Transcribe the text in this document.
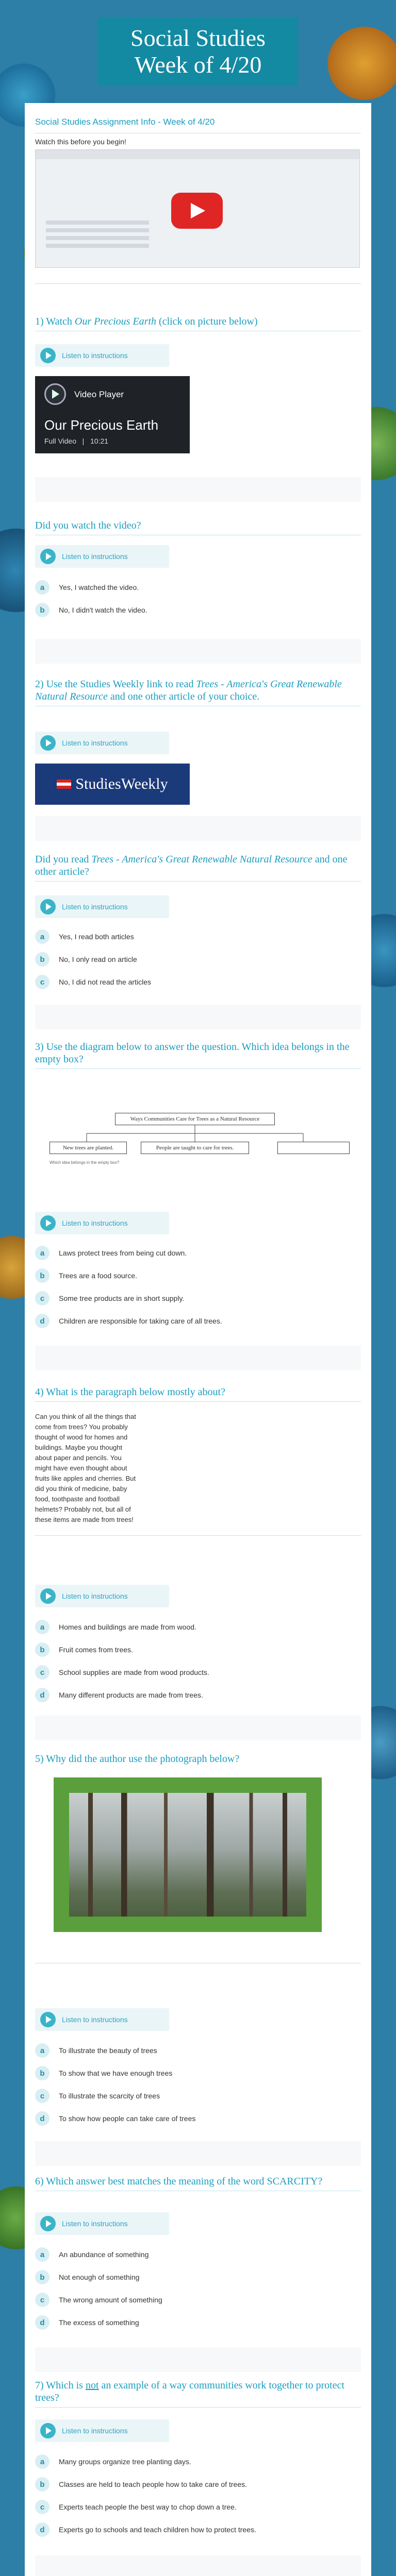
Social Studies Week of 4/20
Social Studies Assignment Info - Week of 4/20
Watch this before you begin!
1) Watch Our Precious Earth (click on picture below)
Listen to instructions
Video Player
Our Precious Earth
Full Video   |   10:21
Did you watch the video?
Listen to instructions
a	Yes, I watched the video.
b	No, I didn't watch the video.
2) Use the Studies Weekly link to read Trees - America's Great Renewable Natural Resource and one other article of your choice.
Listen to instructions
StudiesWeekly
Did you read Trees - America's Great Renewable Natural Resource and one other article?
Listen to instructions
a	Yes, I read both articles
b	No, I only read on article
c	No, I did not read the articles
3) Use the diagram below to answer the question. Which idea belongs in the empty box?
Ways Communities Care for Trees as a Natural Resource
New trees are planted.	People are taught to care for trees.
Which idea belongs in the empty box?
Listen to instructions
a	Laws protect trees from being cut down.
b	Trees are a food source.
c	Some tree products are in short supply.
d	Children are responsible for taking care of all trees.
4) What is the paragraph below mostly about?
Can you think of all the things that come from trees? You probably thought of wood for homes and buildings. Maybe you thought about paper and pencils. You might have even thought about fruits like apples and cherries. But did you think of medicine, baby food, toothpaste and football helmets? Probably not, but all of these items are made from trees!
Listen to instructions
a	Homes and buildings are made from wood.
b	Fruit comes from trees.
c	School supplies are made from wood products.
d	Many different products are made from trees.
5) Why did the author use the photograph below?
Listen to instructions
a	To illustrate the beauty of trees
b	To show that we have enough trees
c	To illustrate the scarcity of trees
d	To show how people can take care of trees
6) Which answer best matches the meaning of the word SCARCITY?
Listen to instructions
a	An abundance of something
b	Not enough of something
c	The wrong amount of something
d	The excess of something
7) Which is not an example of a way communities work together to protect trees?
Listen to instructions
a	Many groups organize tree planting days.
b	Classes are held to teach people how to take care of trees.
c	Experts teach people the best way to chop down a tree.
d	Experts go to schools and teach children how to protect trees.
